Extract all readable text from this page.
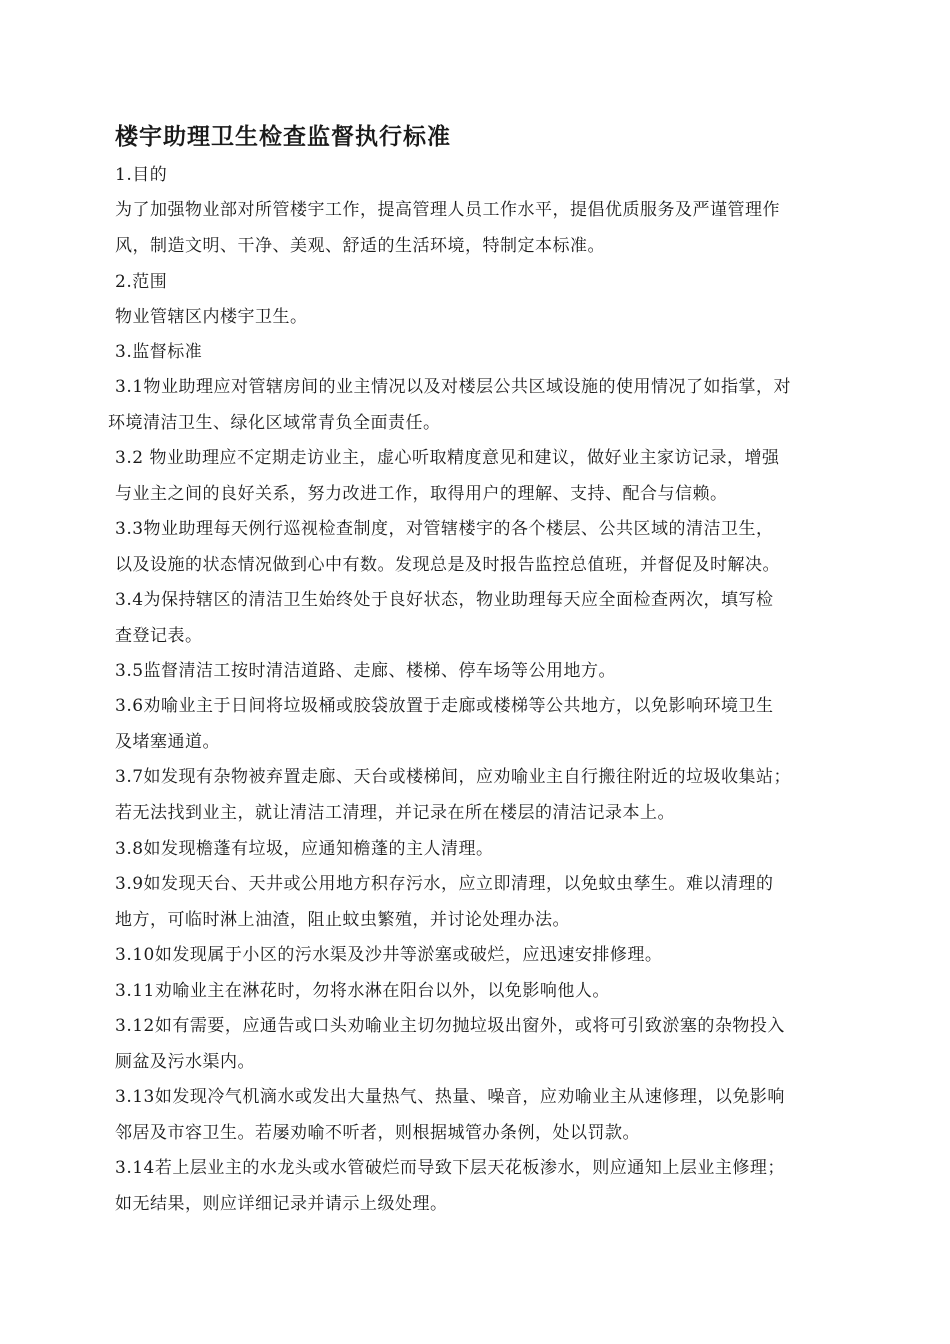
楼宇助理卫生检查监督执行标准
1.目的
为了加强物业部对所管楼宇工作，提高管理人员工作水平，提倡优质服务及严谨管理作
风，制造文明、干净、美观、舒适的生活环境，特制定本标准。
2.范围
物业管辖区内楼宇卫生。
3.监督标准
3.1物业助理应对管辖房间的业主情况以及对楼层公共区域设施的使用情况了如指掌，对
环境清洁卫生、绿化区域常青负全面责任。
3.2 物业助理应不定期走访业主，虚心听取精度意见和建议，做好业主家访记录，增强
与业主之间的良好关系，努力改进工作，取得用户的理解、支持、配合与信赖。
3.3物业助理每天例行巡视检查制度，对管辖楼宇的各个楼层、公共区域的清洁卫生，
以及设施的状态情况做到心中有数。发现总是及时报告监控总值班，并督促及时解决。
3.4为保持辖区的清洁卫生始终处于良好状态，物业助理每天应全面检查两次，填写检
查登记表。
3.5监督清洁工按时清洁道路、走廊、楼梯、停车场等公用地方。
3.6劝喻业主于日间将垃圾桶或胶袋放置于走廊或楼梯等公共地方，以免影响环境卫生
及堵塞通道。
3.7如发现有杂物被弃置走廊、天台或楼梯间，应劝喻业主自行搬往附近的垃圾收集站；
若无法找到业主，就让清洁工清理，并记录在所在楼层的清洁记录本上。
3.8如发现檐蓬有垃圾，应通知檐蓬的主人清理。
3.9如发现天台、天井或公用地方积存污水，应立即清理，以免蚊虫孳生。难以清理的
地方，可临时淋上油渣，阻止蚊虫繁殖，并讨论处理办法。
3.10如发现属于小区的污水渠及沙井等淤塞或破烂，应迅速安排修理。
3.11劝喻业主在淋花时，勿将水淋在阳台以外，以免影响他人。
3.12如有需要，应通告或口头劝喻业主切勿抛垃圾出窗外，或将可引致淤塞的杂物投入
厕盆及污水渠内。
3.13如发现冷气机滴水或发出大量热气、热量、噪音，应劝喻业主从速修理，以免影响
邻居及市容卫生。若屡劝喻不听者，则根据城管办条例，处以罚款。
3.14若上层业主的水龙头或水管破烂而导致下层天花板渗水，则应通知上层业主修理；
如无结果，则应详细记录并请示上级处理。
